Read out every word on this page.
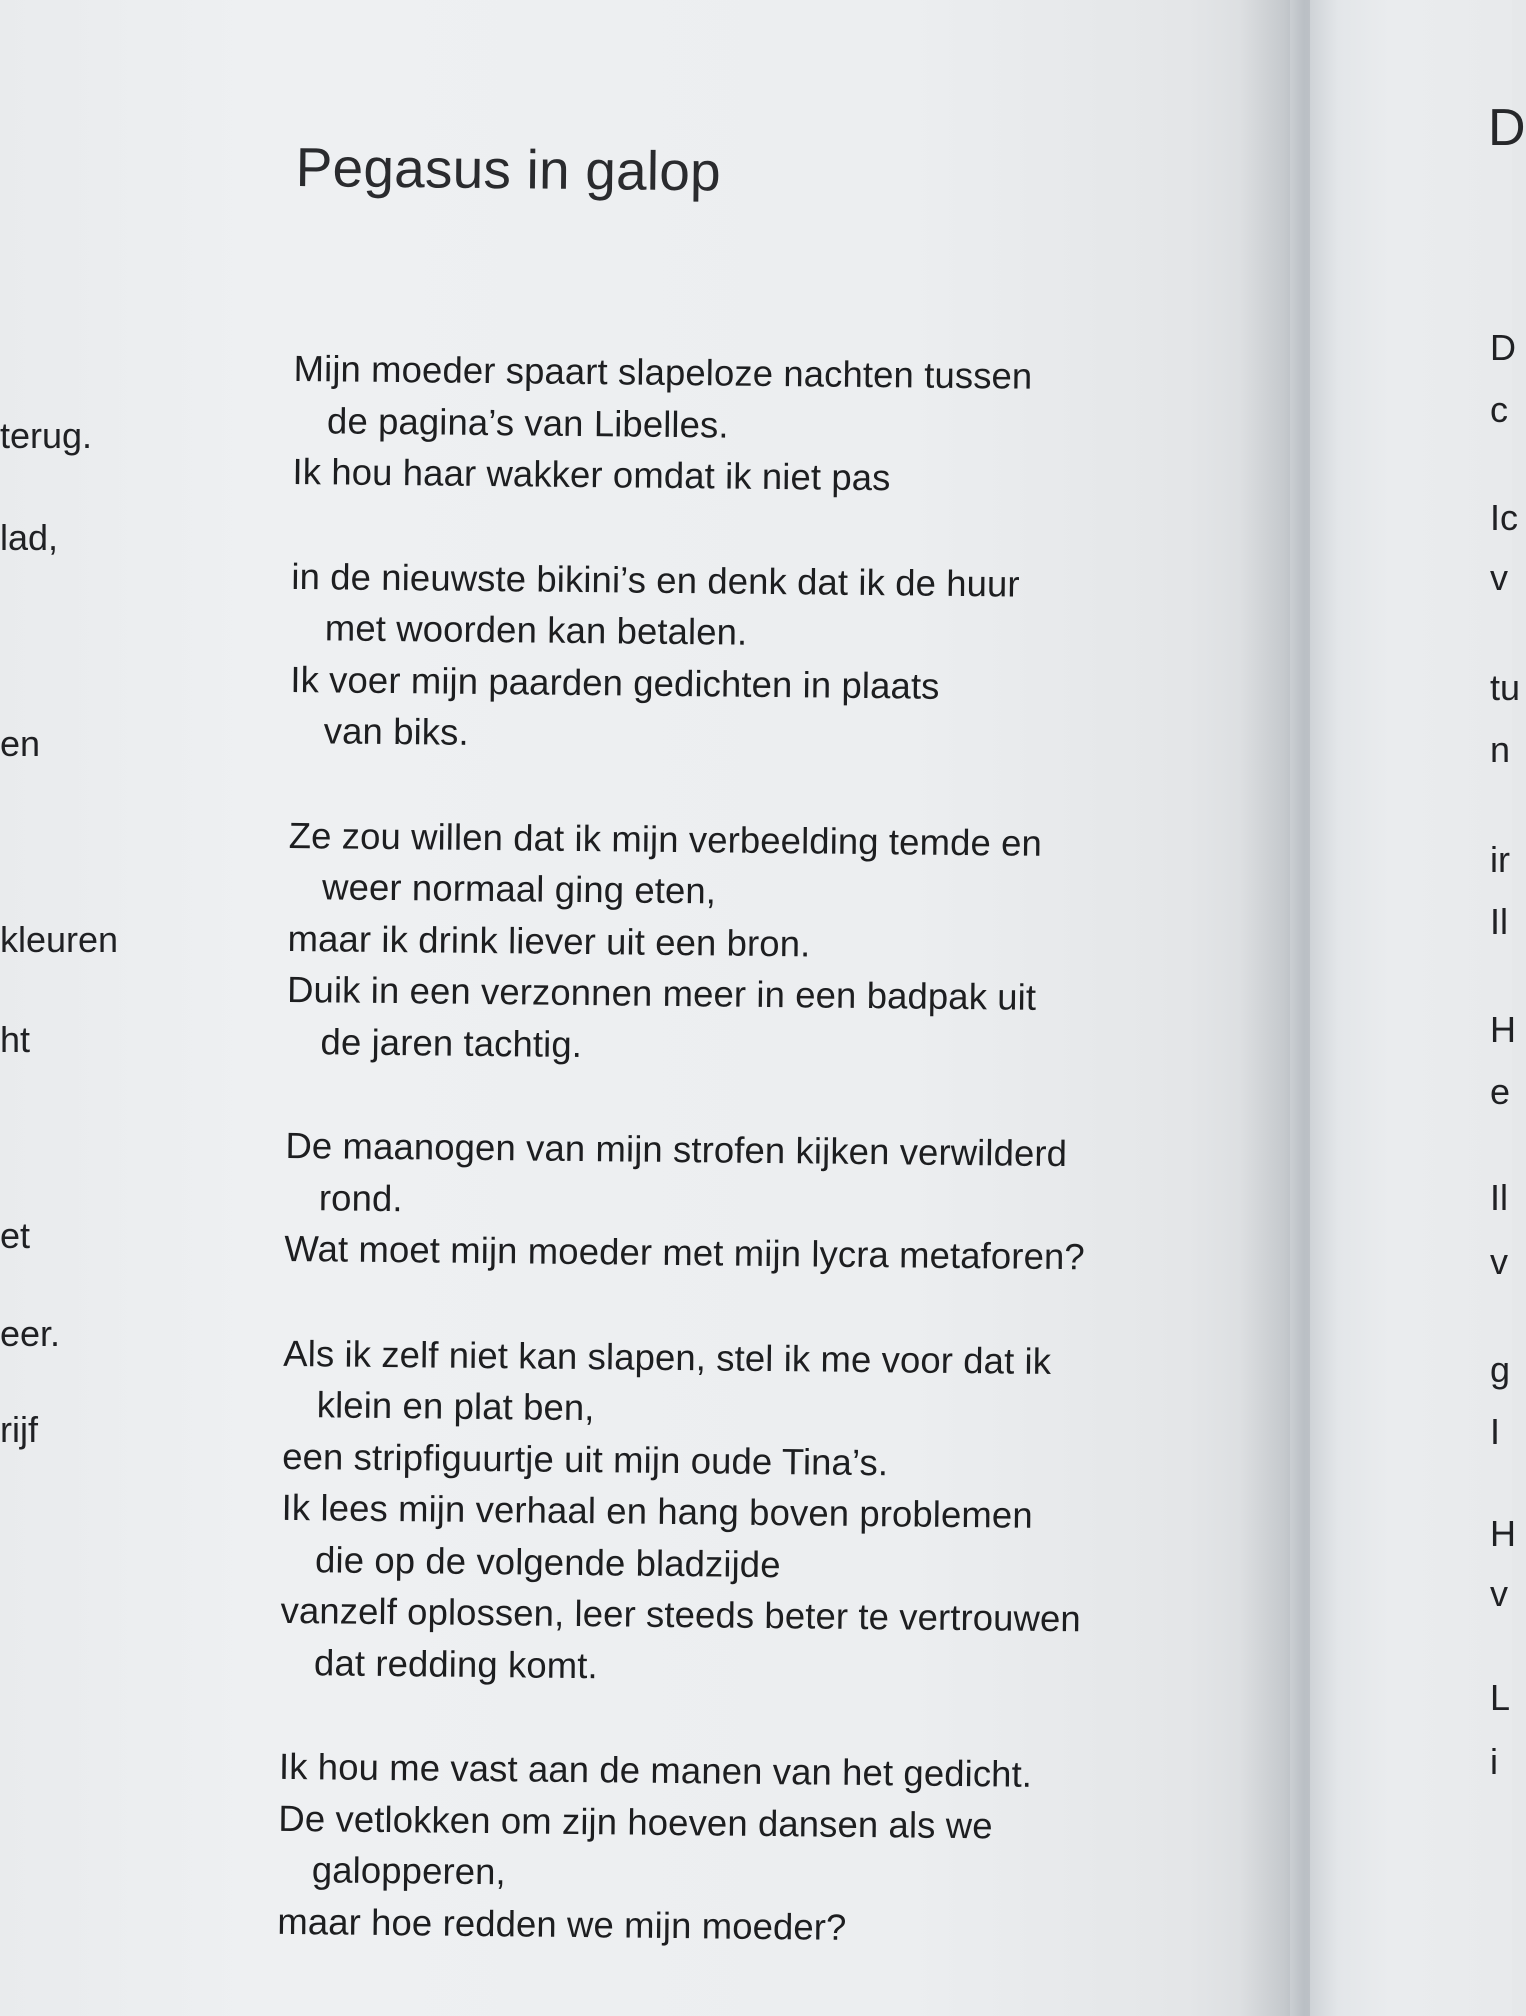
terug.
lad,
en
kleuren
ht
et
eer.
rijf
Pegasus in galop
Mijn moeder spaart slapeloze nachten tussen
de pagina’s van Libelles.
Ik hou haar wakker omdat ik niet pas
in de nieuwste bikini’s en denk dat ik de huur
met woorden kan betalen.
Ik voer mijn paarden gedichten in plaats
van biks.
Ze zou willen dat ik mijn verbeelding temde en
weer normaal ging eten,
maar ik drink liever uit een bron.
Duik in een verzonnen meer in een badpak uit
de jaren tachtig.
De maanogen van mijn strofen kijken verwilderd
rond.
Wat moet mijn moeder met mijn lycra metaforen?
Als ik zelf niet kan slapen, stel ik me voor dat ik
klein en plat ben,
een stripfiguurtje uit mijn oude Tina’s.
Ik lees mijn verhaal en hang boven problemen
die op de volgende bladzijde
vanzelf oplossen, leer steeds beter te vertrouwen
dat redding komt.
Ik hou me vast aan de manen van het gedicht.
De vetlokken om zijn hoeven dansen als we
galopperen,
maar hoe redden we mijn moeder?
D
D
c
Ic
v
tu
n
ir
Il
H
e
Il
v
g
I
H
v
L
i
